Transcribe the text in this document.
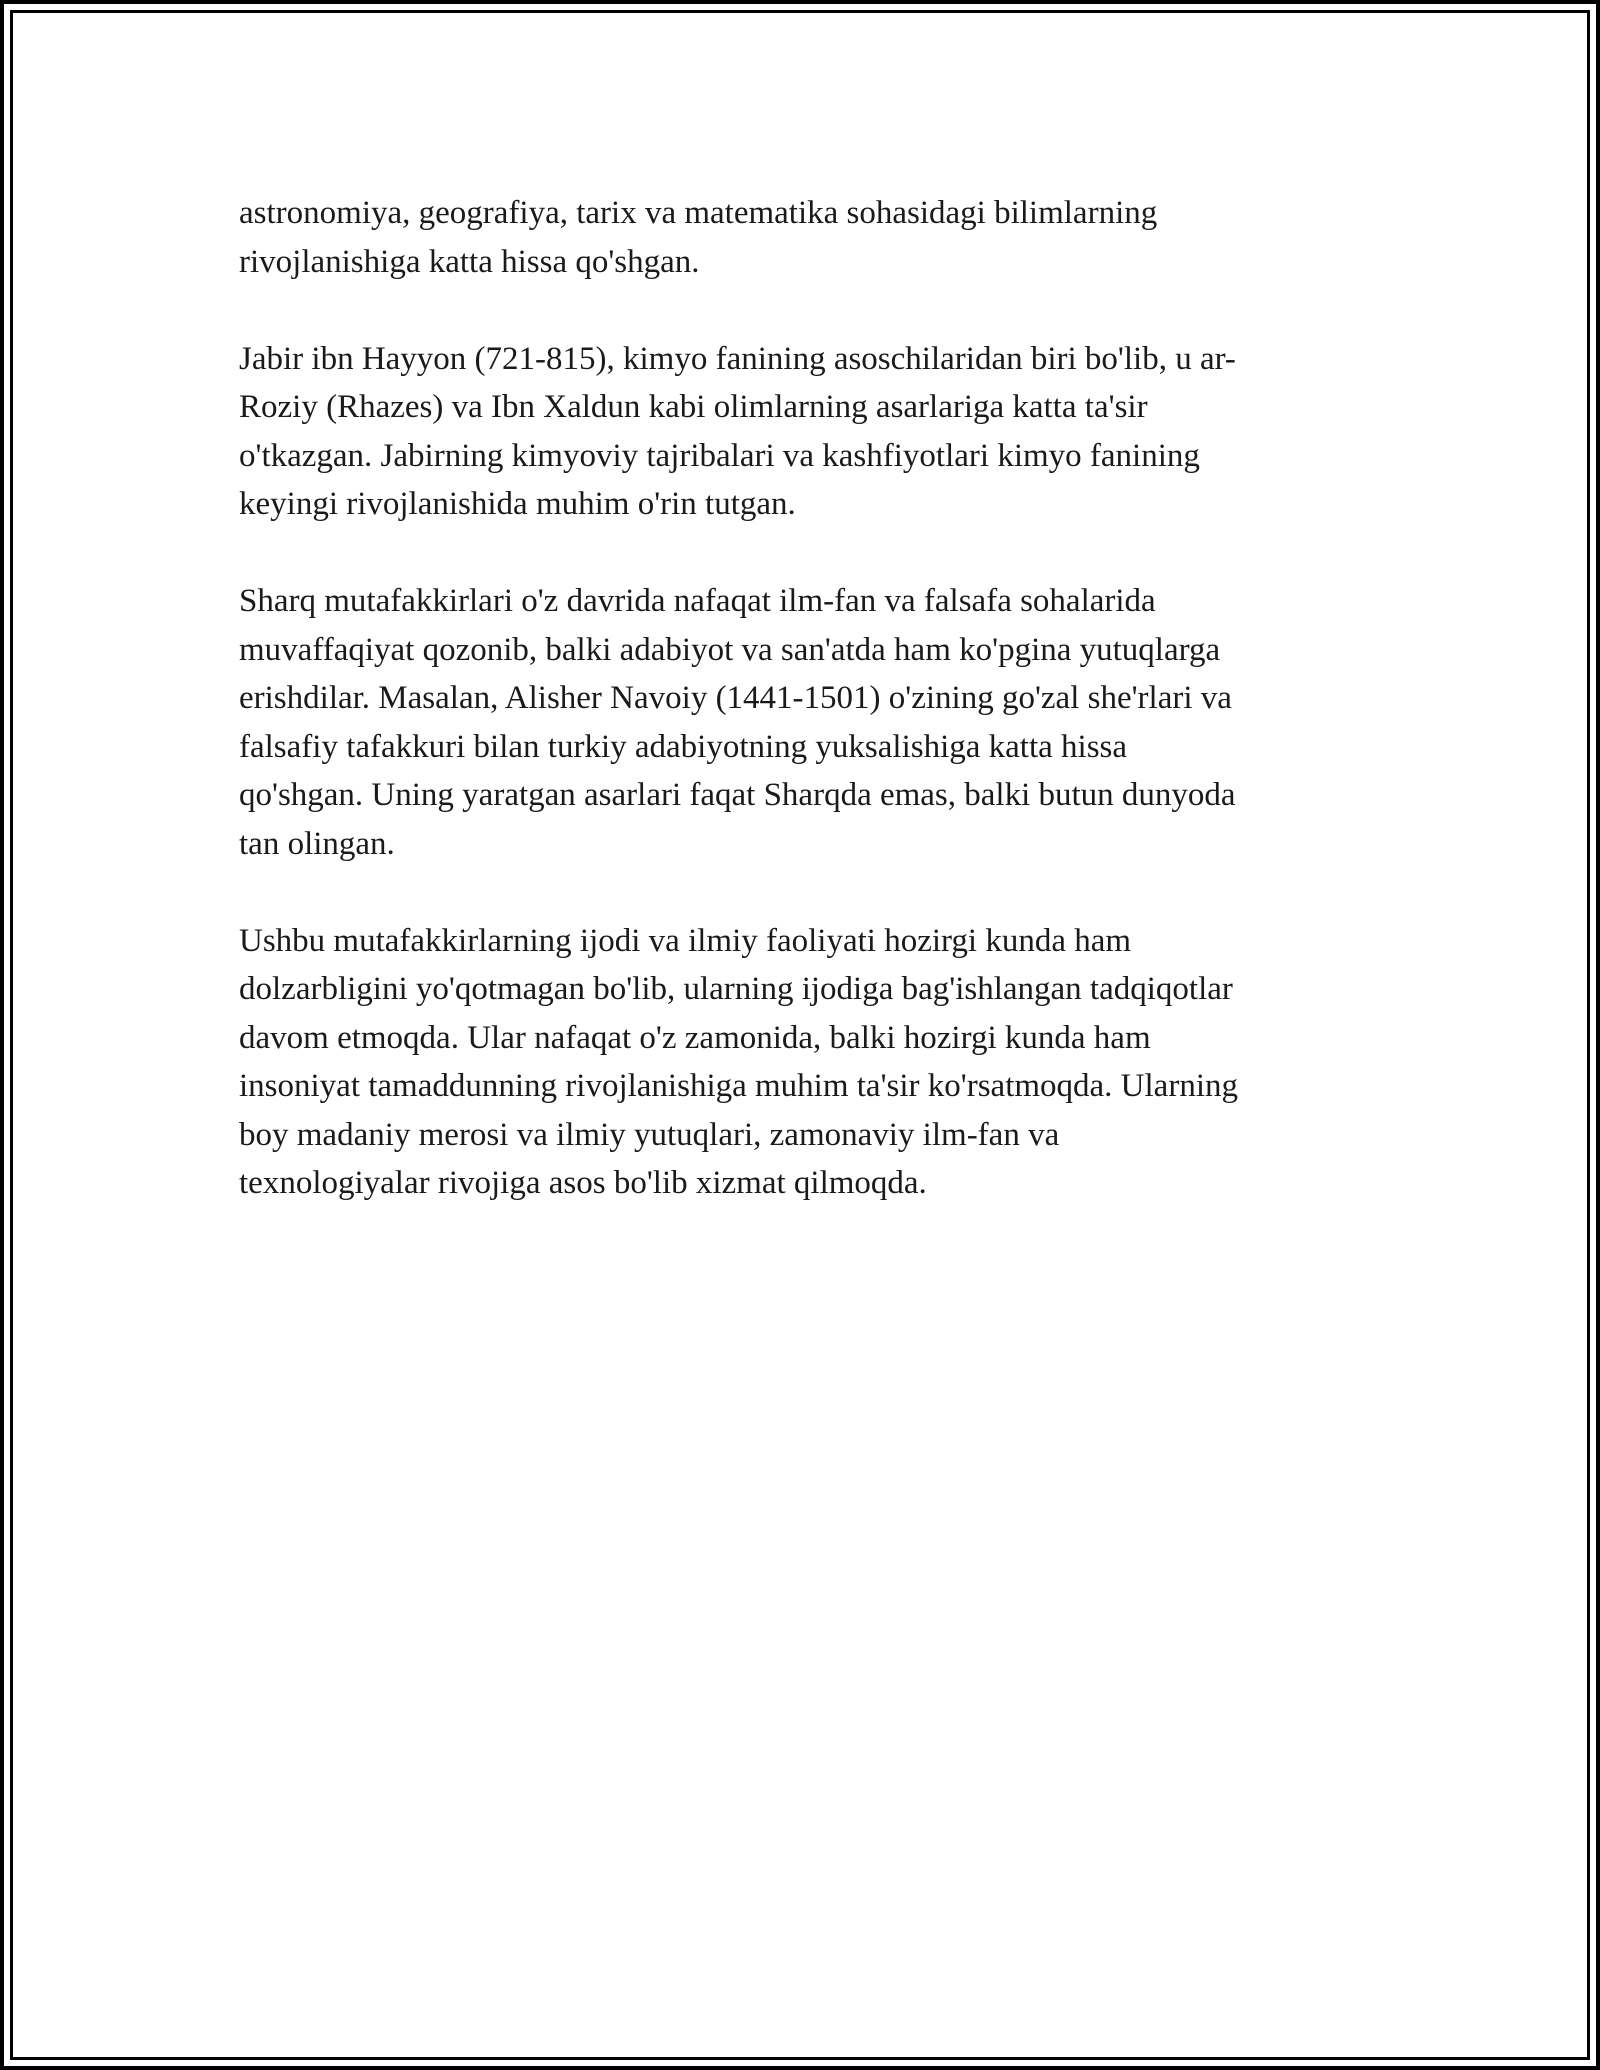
astronomiya, geografiya, tarix va matematika sohasidagi bilimlarning
rivojlanishiga katta hissa qo'shgan.

Jabir ibn Hayyon (721-815), kimyo fanining asoschilaridan biri bo'lib, u ar-
Roziy (Rhazes) va Ibn Xaldun kabi olimlarning asarlariga katta ta'sir
o'tkazgan. Jabirning kimyoviy tajribalari va kashfiyotlari kimyo fanining
keyingi rivojlanishida muhim o'rin tutgan.

Sharq mutafakkirlari o'z davrida nafaqat ilm-fan va falsafa sohalarida
muvaffaqiyat qozonib, balki adabiyot va san'atda ham ko'pgina yutuqlarga
erishdilar. Masalan, Alisher Navoiy (1441-1501) o'zining go'zal she'rlari va
falsafiy tafakkuri bilan turkiy adabiyotning yuksalishiga katta hissa
qo'shgan. Uning yaratgan asarlari faqat Sharqda emas, balki butun dunyoda
tan olingan.

Ushbu mutafakkirlarning ijodi va ilmiy faoliyati hozirgi kunda ham
dolzarbligini yo'qotmagan bo'lib, ularning ijodiga bag'ishlangan tadqiqotlar
davom etmoqda. Ular nafaqat o'z zamonida, balki hozirgi kunda ham
insoniyat tamaddunning rivojlanishiga muhim ta'sir ko'rsatmoqda. Ularning
boy madaniy merosi va ilmiy yutuqlari, zamonaviy ilm-fan va
texnologiyalar rivojiga asos bo'lib xizmat qilmoqda.
